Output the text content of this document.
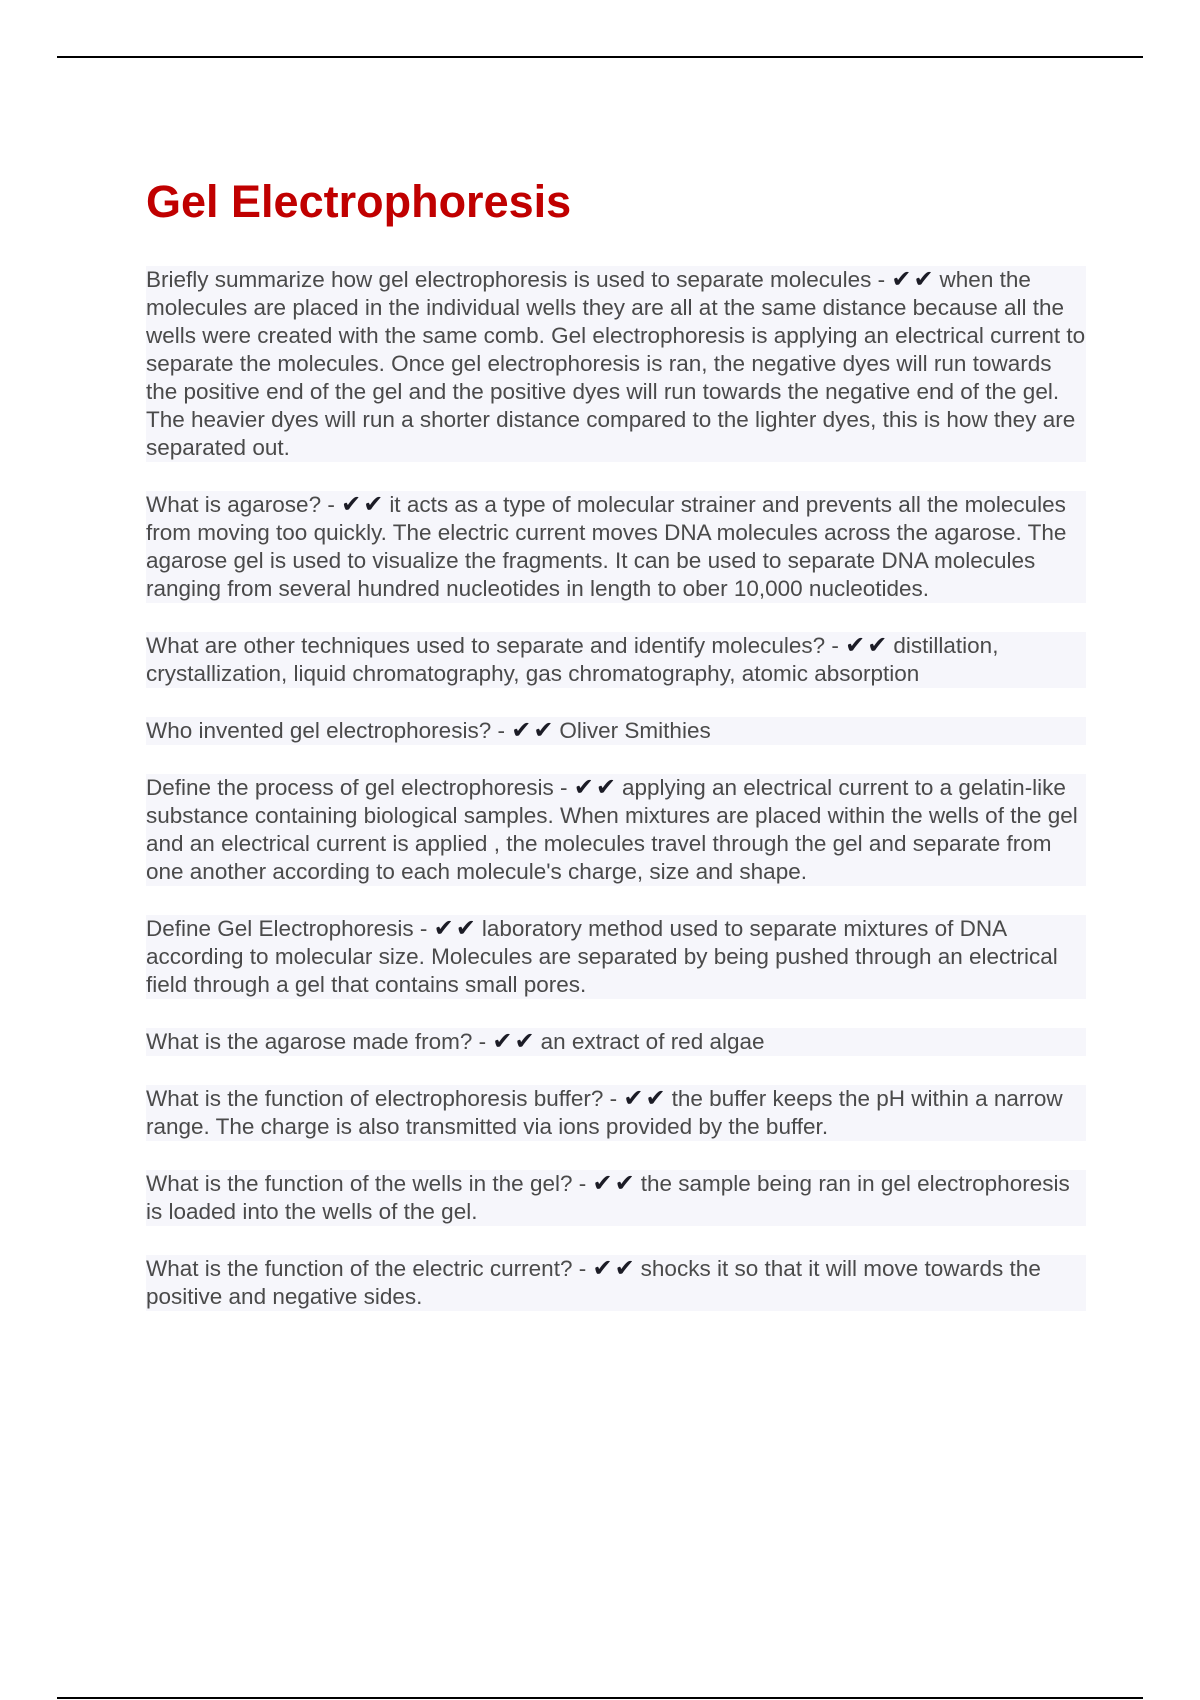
Gel Electrophoresis

Briefly summarize how gel electrophoresis is used to separate molecules - ✔✔ when the molecules are placed in the individual wells they are all at the same distance because all the wells were created with the same comb. Gel electrophoresis is applying an electrical current to separate the molecules. Once gel electrophoresis is ran, the negative dyes will run towards the positive end of the gel and the positive dyes will run towards the negative end of the gel. The heavier dyes will run a shorter distance compared to the lighter dyes, this is how they are separated out.

What is agarose? - ✔✔ it acts as a type of molecular strainer and prevents all the molecules from moving too quickly. The electric current moves DNA molecules across the agarose. The agarose gel is used to visualize the fragments. It can be used to separate DNA molecules ranging from several hundred nucleotides in length to ober 10,000 nucleotides.

What are other techniques used to separate and identify molecules? - ✔✔ distillation, crystallization, liquid chromatography, gas chromatography, atomic absorption

Who invented gel electrophoresis? - ✔✔ Oliver Smithies

Define the process of gel electrophoresis - ✔✔ applying an electrical current to a gelatin-like substance containing biological samples. When mixtures are placed within the wells of the gel and an electrical current is applied , the molecules travel through the gel and separate from one another according to each molecule's charge, size and shape.

Define Gel Electrophoresis - ✔✔ laboratory method used to separate mixtures of DNA according to molecular size. Molecules are separated by being pushed through an electrical field through a gel that contains small pores.

What is the agarose made from? - ✔✔ an extract of red algae

What is the function of electrophoresis buffer? - ✔✔ the buffer keeps the pH within a narrow range. The charge is also transmitted via ions provided by the buffer.

What is the function of the wells in the gel? - ✔✔ the sample being ran in gel electrophoresis is loaded into the wells of the gel.

What is the function of the electric current? - ✔✔ shocks it so that it will move towards the positive and negative sides.
